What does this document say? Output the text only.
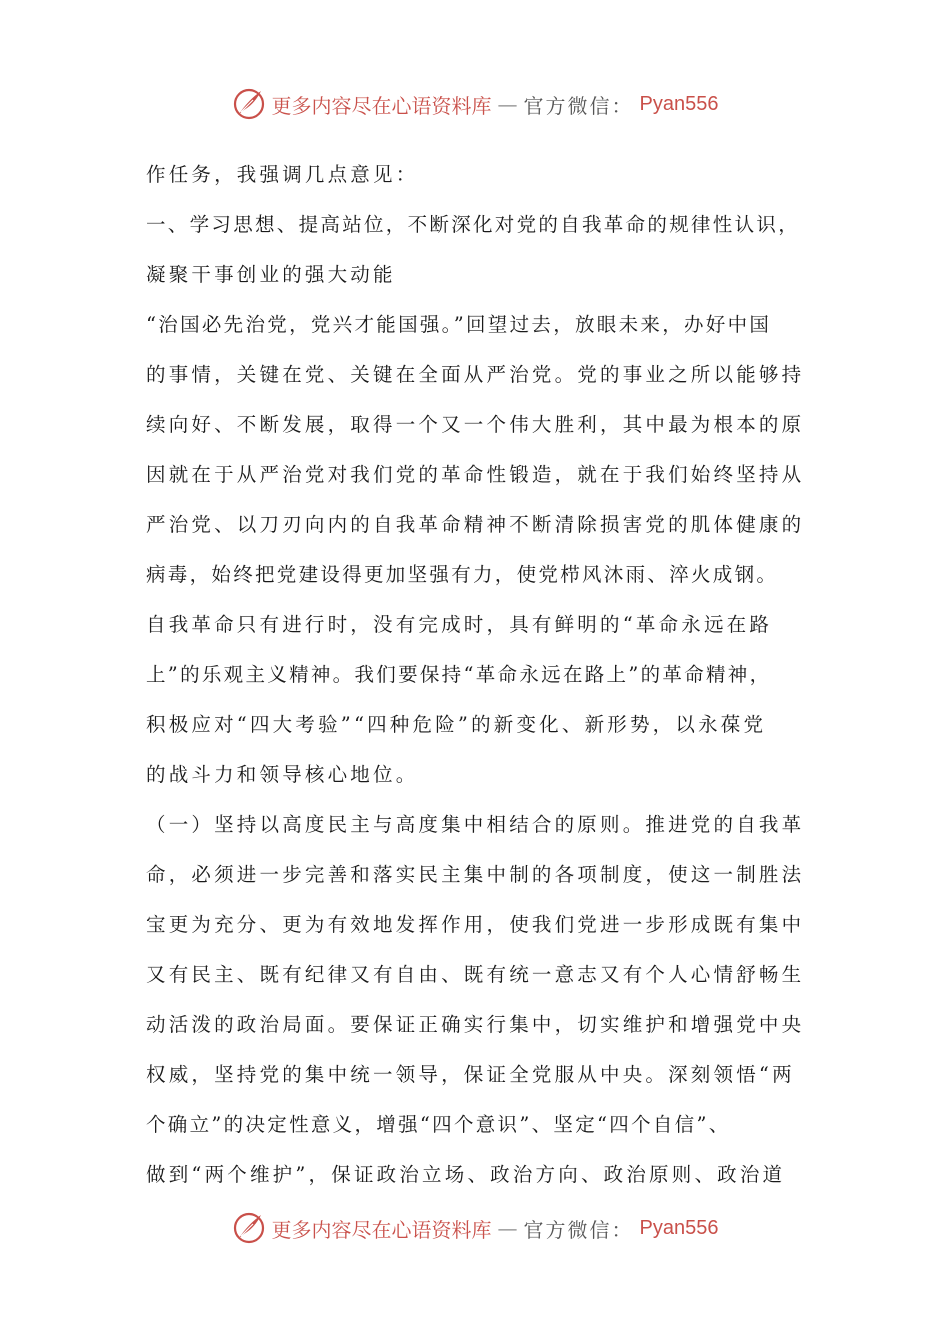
更多内容尽在心语资料库 — 官方微信： Pyan556
作任务，我强调几点意见：
一、学习思想、提高站位，不断深化对党的自我革命的规律性认识，
凝聚干事创业的强大动能
“治国必先治党，党兴才能国强。”回望过去，放眼未来，办好中国
的事情，关键在党、关键在全面从严治党。党的事业之所以能够持
续向好、不断发展，取得一个又一个伟大胜利，其中最为根本的原
因就在于从严治党对我们党的革命性锻造，就在于我们始终坚持从
严治党、以刀刃向内的自我革命精神不断清除损害党的肌体健康的
病毒，始终把党建设得更加坚强有力，使党栉风沐雨、淬火成钢。
自我革命只有进行时，没有完成时，具有鲜明的“革命永远在路
上”的乐观主义精神。我们要保持“革命永远在路上”的革命精神，
积极应对“四大考验”“四种危险”的新变化、新形势，以永葆党
的战斗力和领导核心地位。
（一）坚持以高度民主与高度集中相结合的原则。推进党的自我革
命，必须进一步完善和落实民主集中制的各项制度，使这一制胜法
宝更为充分、更为有效地发挥作用，使我们党进一步形成既有集中
又有民主、既有纪律又有自由、既有统一意志又有个人心情舒畅生
动活泼的政治局面。要保证正确实行集中，切实维护和增强党中央
权威，坚持党的集中统一领导，保证全党服从中央。深刻领悟“两
个确立”的决定性意义，增强“四个意识”、坚定“四个自信”、
做到“两个维护”，保证政治立场、政治方向、政治原则、政治道
更多内容尽在心语资料库 — 官方微信： Pyan556
